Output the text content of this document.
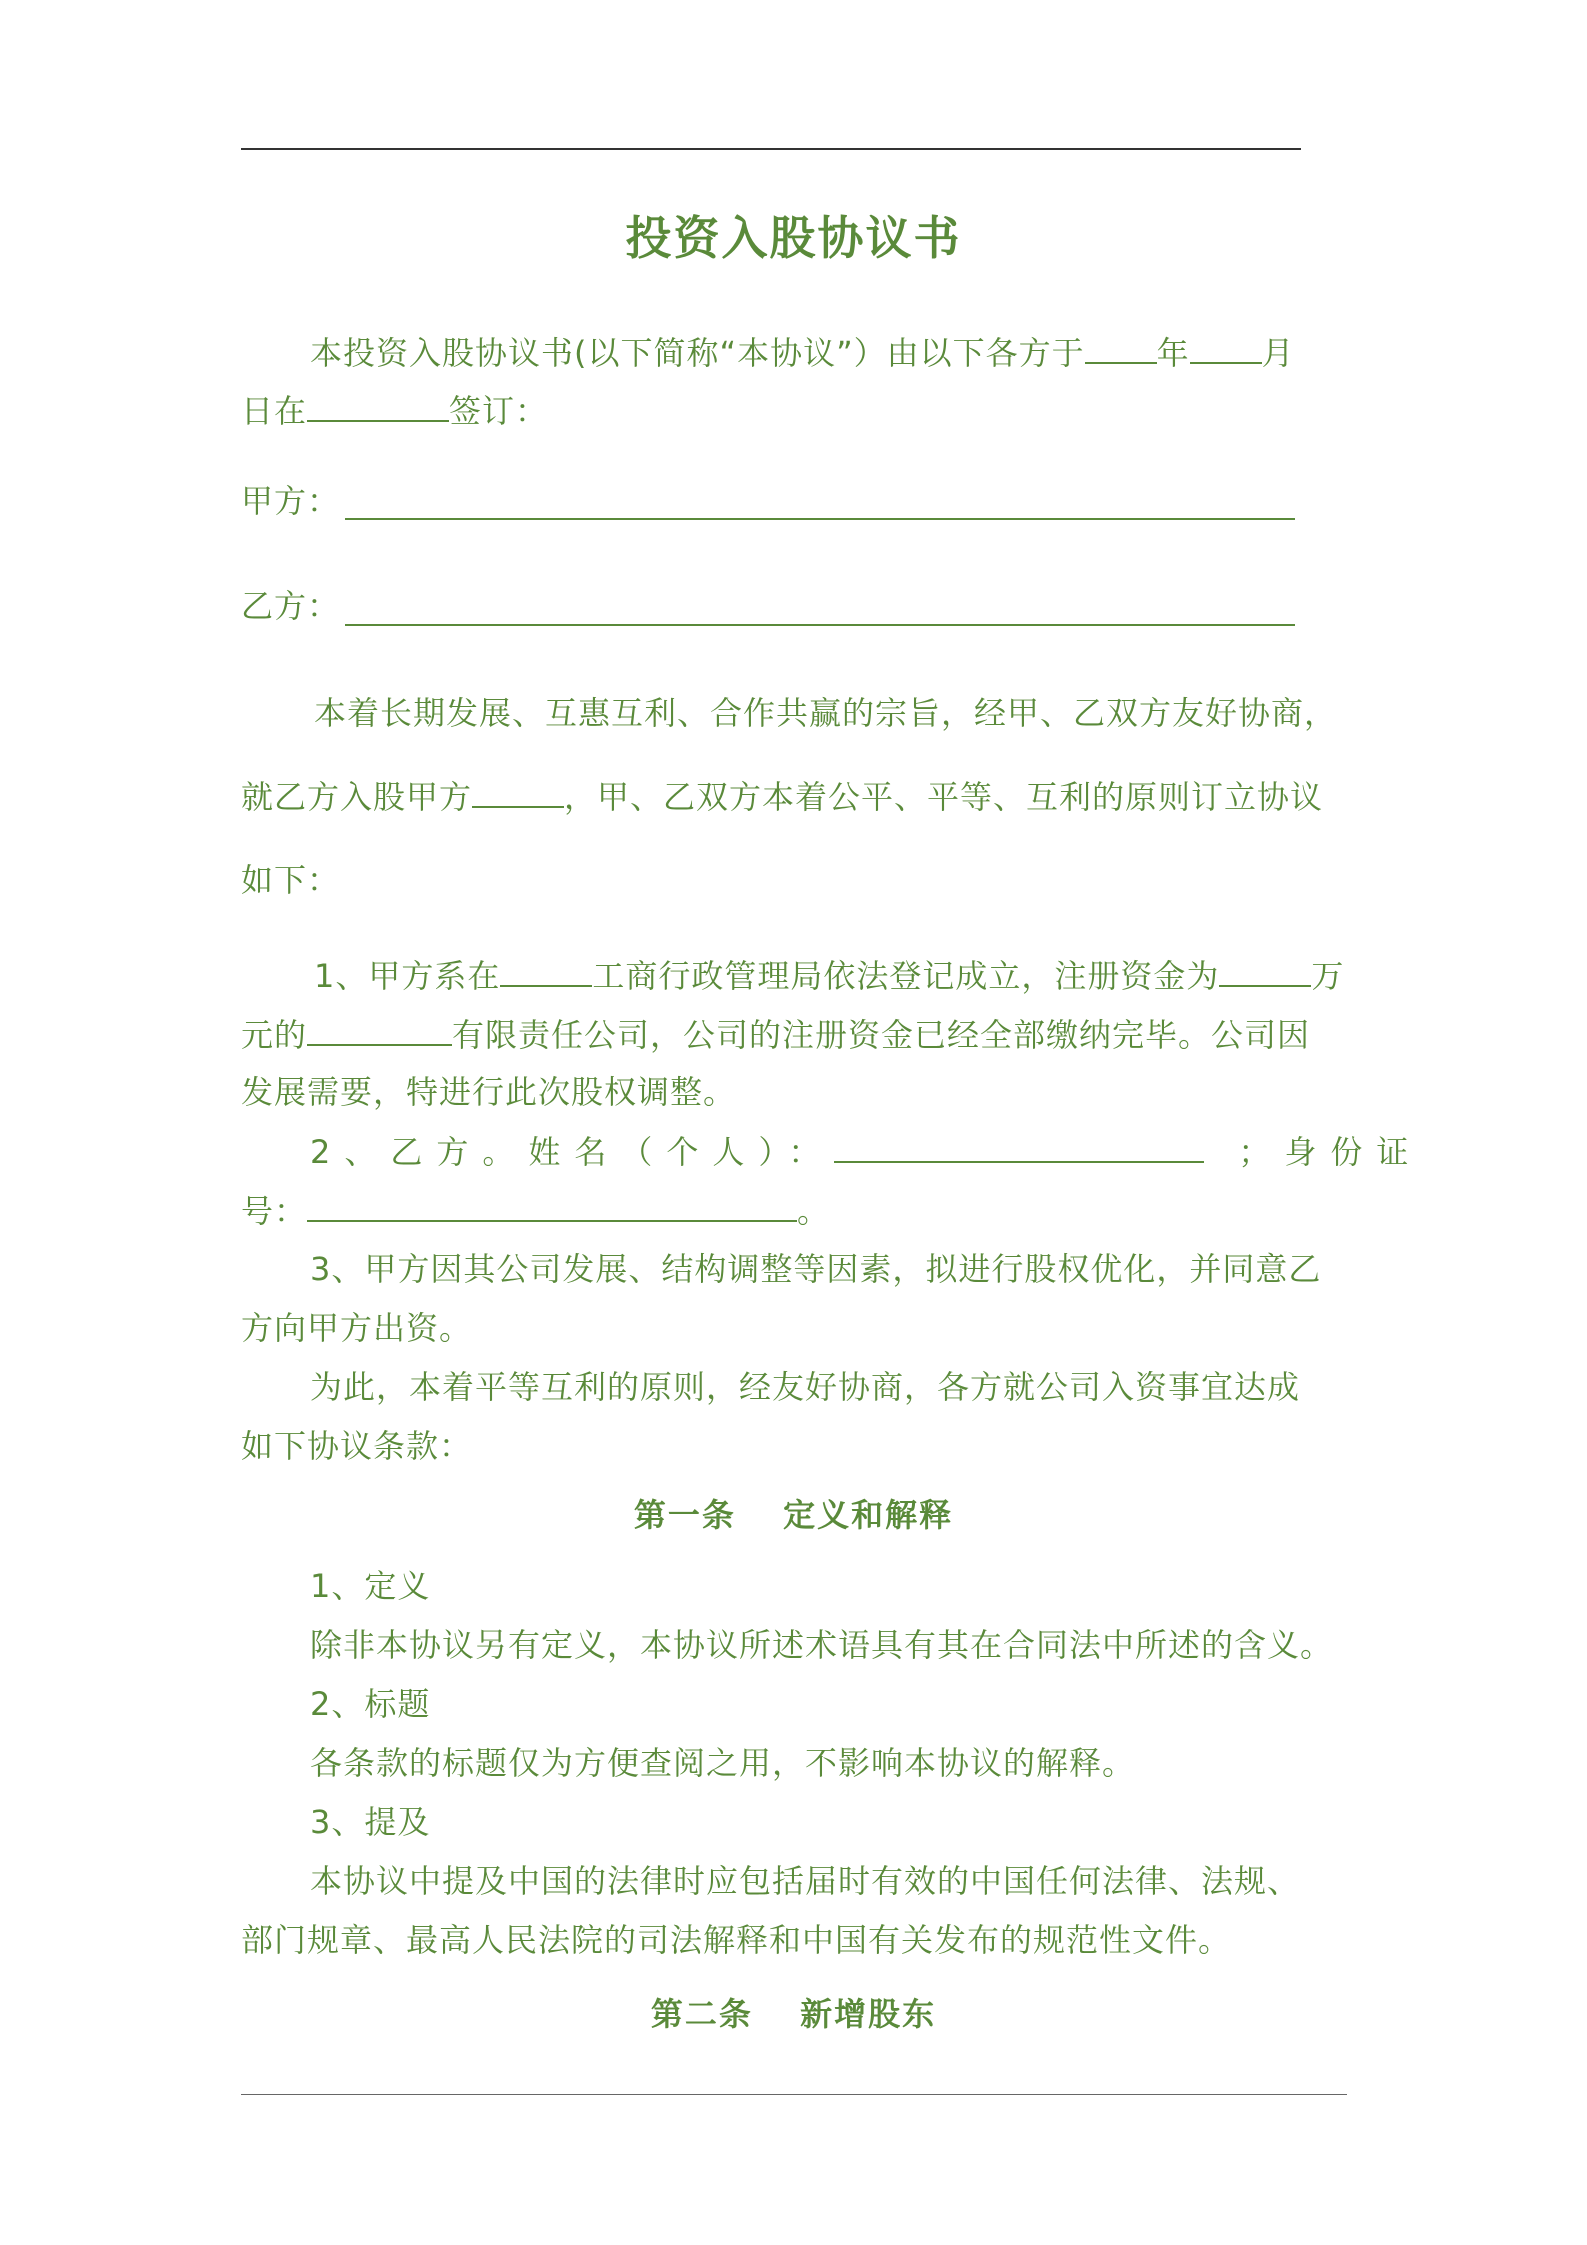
投资入股协议书
本投资入股协议书(以下简称“本协议”）由以下各方于 年 月
日在	签订：
甲方：
乙方：
本着长期发展、互惠互利、合作共赢的宗旨，经甲、乙双方友好协商，
就乙方入股甲方	，甲、乙双方本着公平、平等、互利的原则订立协议
如下：
1、甲方系在	工商行政管理局依法登记成立，注册资金为	万
元的	有限责任公司，公司的注册资金已经全部缴纳完毕。公司因
发展需要，特进行此次股权调整。
2、乙方。姓名（个人）：	；身份证
号：	。
3、甲方因其公司发展、结构调整等因素，拟进行股权优化，并同意乙
方向甲方出资。
为此，本着平等互利的原则，经友好协商，各方就公司入资事宜达成
如下协议条款：
第一条　 定义和解释
1、定义
除非本协议另有定义，本协议所述术语具有其在合同法中所述的含义。
2、标题
各条款的标题仅为方便查阅之用，不影响本协议的解释。
3、提及
本协议中提及中国的法律时应包括届时有效的中国任何法律、法规、
部门规章、最高人民法院的司法解释和中国有关发布的规范性文件。
第二条　 新增股东
